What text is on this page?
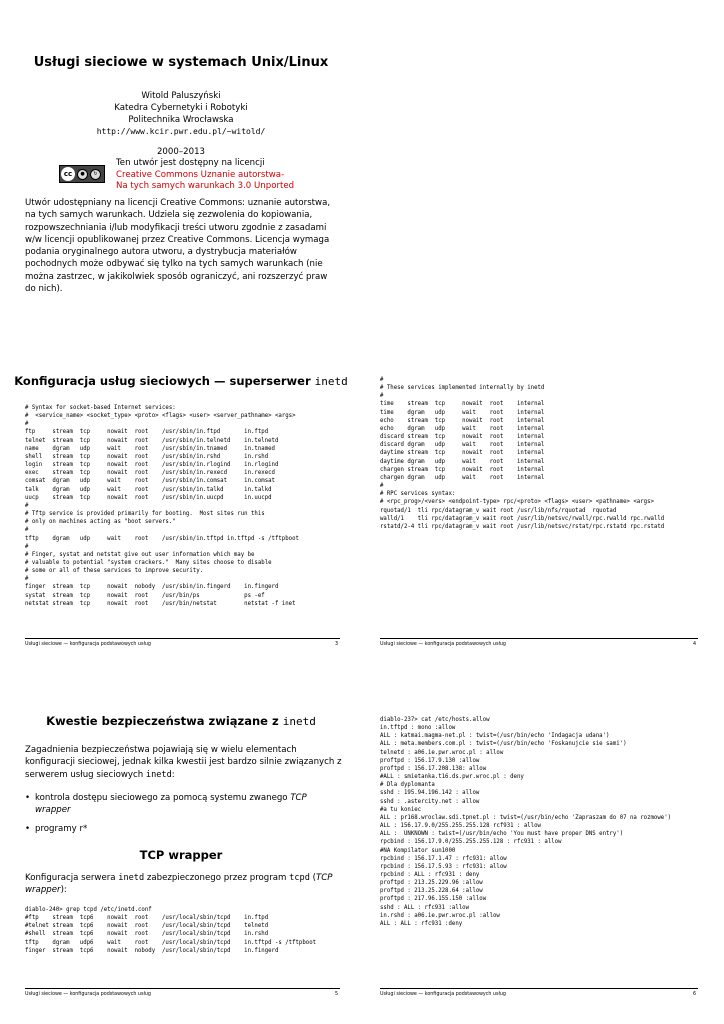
Usługi sieciowe w systemach Unix/Linux
Witold Paluszyński
Katedra Cybernetyki i Robotyki
Politechnika Wrocławska
http://www.kcir.pwr.edu.pl/~witold/
2000–2013
cc	●	↻
Ten utwór jest dostępny na licencji
Creative Commons Uznanie autorstwa-
Na tych samych warunkach 3.0 Unported
Utwór udostępniany na licencji Creative Commons: uznanie autorstwa, na tych samych warunkach. Udziela się zezwolenia do kopiowania, rozpowszechniania i/lub modyfikacji treści utworu zgodnie z zasadami w/w licencji opublikowanej przez Creative Commons. Licencja wymaga podania oryginalnego autora utworu, a dystrybucja materiałów pochodnych może odbywać się tylko na tych samych warunkach (nie można zastrzec, w jakikolwiek sposób ograniczyć, ani rozszerzyć praw do nich).
Konfiguracja usług sieciowych — superserwer inetd
# Syntax for socket-based Internet services:
#  <service_name> <socket_type> <proto> <flags> <user> <server_pathname> <args>
#
ftp     stream  tcp     nowait  root    /usr/sbin/in.ftpd       in.ftpd
telnet  stream  tcp     nowait  root    /usr/sbin/in.telnetd    in.telnetd
name    dgram   udp     wait    root    /usr/sbin/in.tnamed     in.tnamed
shell   stream  tcp     nowait  root    /usr/sbin/in.rshd       in.rshd
login   stream  tcp     nowait  root    /usr/sbin/in.rlogind    in.rlogind
exec    stream  tcp     nowait  root    /usr/sbin/in.rexecd     in.rexecd
comsat  dgram   udp     wait    root    /usr/sbin/in.comsat     in.comsat
talk    dgram   udp     wait    root    /usr/sbin/in.talkd      in.talkd
uucp    stream  tcp     nowait  root    /usr/sbin/in.uucpd      in.uucpd
#
# Tftp service is provided primarily for booting.  Most sites run this
# only on machines acting as "boot servers."
#
tftp    dgram   udp     wait    root    /usr/sbin/in.tftpd in.tftpd -s /tftpboot
#
# Finger, systat and netstat give out user information which may be
# valuable to potential "system crackers."  Many sites choose to disable
# some or all of these services to improve security.
#
finger  stream  tcp     nowait  nobody  /usr/sbin/in.fingerd    in.fingerd
systat  stream  tcp     nowait  root    /usr/bin/ps             ps -ef
netstat stream  tcp     nowait  root    /usr/bin/netstat        netstat -f inet
Usługi sieciowe — konfiguracja podstawowych usług	3
#
# These services implemented internally by inetd
#
time    stream  tcp     nowait  root    internal
time    dgram   udp     wait    root    internal
echo    stream  tcp     nowait  root    internal
echo    dgram   udp     wait    root    internal
discard stream  tcp     nowait  root    internal
discard dgram   udp     wait    root    internal
daytime stream  tcp     nowait  root    internal
daytime dgram   udp     wait    root    internal
chargen stream  tcp     nowait  root    internal
chargen dgram   udp     wait    root    internal
#
# RPC services syntax:
# <rpc_prog>/<vers> <endpoint-type> rpc/<proto> <flags> <user> <pathname> <args>
rquotad/1  tli rpc/datagram_v wait root /usr/lib/nfs/rquotad  rquotad
walld/1    tli rpc/datagram_v wait root /usr/lib/netsvc/rwall/rpc.rwalld rpc.rwalld
rstatd/2-4 tli rpc/datagram_v wait root /usr/lib/netsvc/rstat/rpc.rstatd rpc.rstatd
Usługi sieciowe — konfiguracja podstawowych usług	4
Kwestie bezpieczeństwa związane z inetd
Zagadnienia bezpieczeństwa pojawiają się w wielu elementach konfiguracji sieciowej, jednak kilka kwestii jest bardzo silnie związanych z serwerem usług sieciowych inetd:
• kontrola dostępu sieciowego za pomocą systemu zwanego TCP wrapper
• programy r*
TCP wrapper
Konfiguracja serwera inetd zabezpieczonego przez program tcpd (TCP wrapper):
diablo-240> grep tcpd /etc/inetd.conf
#ftp    stream  tcp6    nowait  root    /usr/local/sbin/tcpd    in.ftpd
#telnet stream  tcp6    nowait  root    /usr/local/sbin/tcpd    telnetd
#shell  stream  tcp6    nowait  root    /usr/local/sbin/tcpd    in.rshd
tftp    dgram   udp6    wait    root    /usr/local/sbin/tcpd    in.tftpd -s /tftpboot
finger  stream  tcp6    nowait  nobody  /usr/local/sbin/tcpd    in.fingerd
Usługi sieciowe — konfiguracja podstawowych usług	5
diablo-237> cat /etc/hosts.allow
in.tftpd : mono :allow
ALL : katmai.magma-net.pl : twist=(/usr/bin/echo 'Indagacja udana')
ALL : meta.members.com.pl : twist=(/usr/bin/echo 'Foskanujcie sie sami')
telnetd : a06.ie.pwr.wroc.pl : allow
proftpd : 156.17.9.130 :allow
proftpd : 156.17.208.138: allow
#ALL : smietanka.t16.ds.pwr.wroc.pl : deny
# Dla dyplomanta
sshd : 195.94.196.142 : allow
sshd : .astercity.net : allow
#a tu koniec
ALL : pr168.wroclaw.sdi.tpnet.pl : twist=(/usr/bin/echo 'Zapraszam do 07 na rozmowe')
ALL : 156.17.9.0/255.255.255.128 rcf931 : allow
ALL :  UNKNOWN : twist=(/usr/bin/echo 'You must have proper DNS entry')
rpcbind : 156.17.9.0/255.255.255.128 : rfc931 : allow
#NA Kompilator sun1000
rpcbind : 156.17.1.47 : rfc931: allow
rpcbind : 156.17.5.93 : rfc931: allow
rpcbind : ALL : rfc931 : deny
proftpd : 213.25.229.96 :allow
proftpd : 213.25.228.64 :allow
proftpd : 217.96.155.150 :allow
sshd : ALL : rfc931 :allow
in.rshd : a06.ie.pwr.wroc.pl :allow
ALL : ALL : rfc931 :deny
Usługi sieciowe — konfiguracja podstawowych usług	6
